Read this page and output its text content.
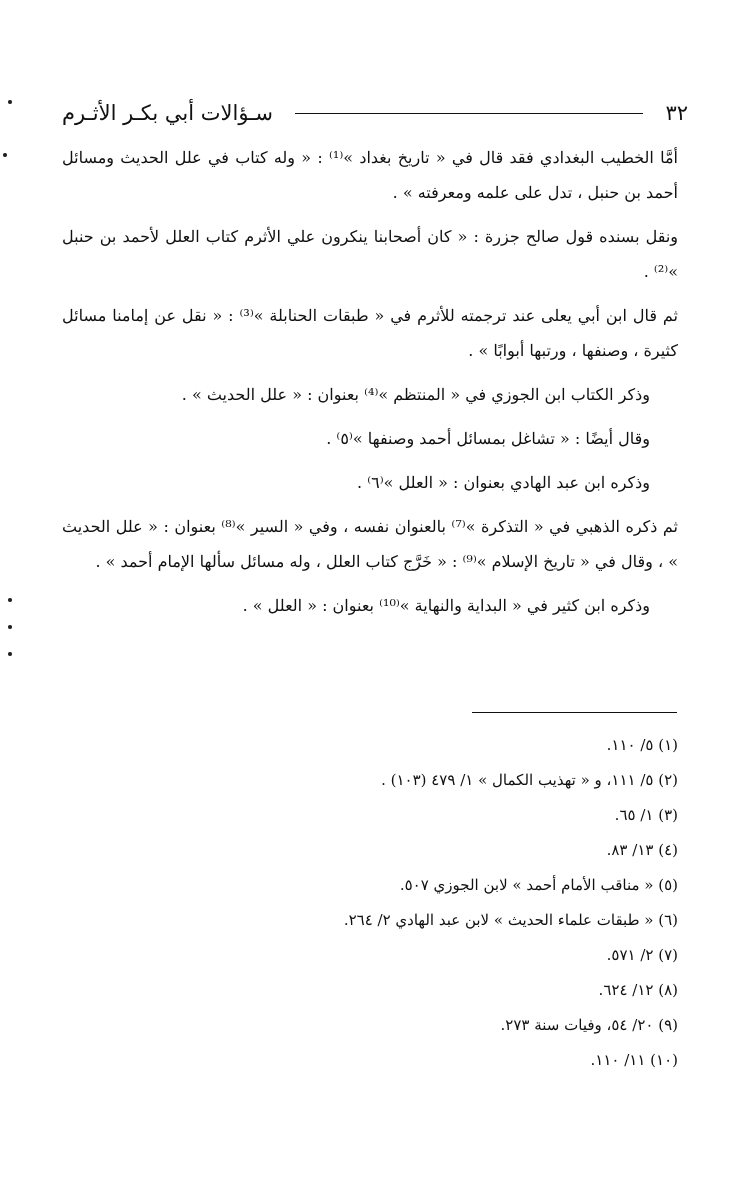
٣٢
سـؤالات أبي بكـر الأثـرم

أمَّا الخطيب البغدادي فقد قال في « تاريخ بغداد »⁽¹⁾ : « وله كتاب في علل الحديث ومسائل أحمد بن حنبل ، تدل على علمه ومعرفته » .

ونقل بسنده قول صالح جزرة : « كان أصحابنا ينكرون علي الأثرم كتاب العلل لأحمد بن حنبل »⁽²⁾ .

ثم قال ابن أبي يعلى عند ترجمته للأثرم في « طبقات الحنابلة »⁽³⁾ : « نقل عن إمامنا مسائل كثيرة ، وصنفها ، ورتبها أبوابًا » .

وذكر الكتاب ابن الجوزي في « المنتظم »⁽⁴⁾ بعنوان : « علل الحديث » .

وقال أيضًا : « تشاغل بمسائل أحمد وصنفها »⁽٥⁾ .

وذكره ابن عبد الهادي بعنوان : « العلل »⁽٦⁾ .

ثم ذكره الذهبي في « التذكرة »⁽⁷⁾ بالعنوان نفسه ، وفي « السير »⁽⁸⁾ بعنوان : « علل الحديث » ، وقال في « تاريخ الإسلام »⁽⁹⁾ : « خَرَّج كتاب العلل ، وله مسائل سألها الإمام أحمد » .

وذكره ابن كثير في « البداية والنهاية »⁽¹⁰⁾ بعنوان : « العلل » .

(١) ٥/ ١١٠.
(٢) ٥/ ١١١، و « تهذيب الكمال » ١/ ٤٧٩ (١٠٣) .
(٣) ١/ ٦٥.
(٤) ١٣/ ٨٣.
(٥) « مناقب الأمام أحمد » لابن الجوزي ٥٠٧.
(٦) « طبقات علماء الحديث » لابن عبد الهادي ٢/ ٢٦٤.
(٧) ٢/ ٥٧١.
(٨) ١٢/ ٦٢٤.
(٩) ٢٠/ ٥٤، وفيات سنة ٢٧٣.
(١٠) ١١/ ١١٠.
